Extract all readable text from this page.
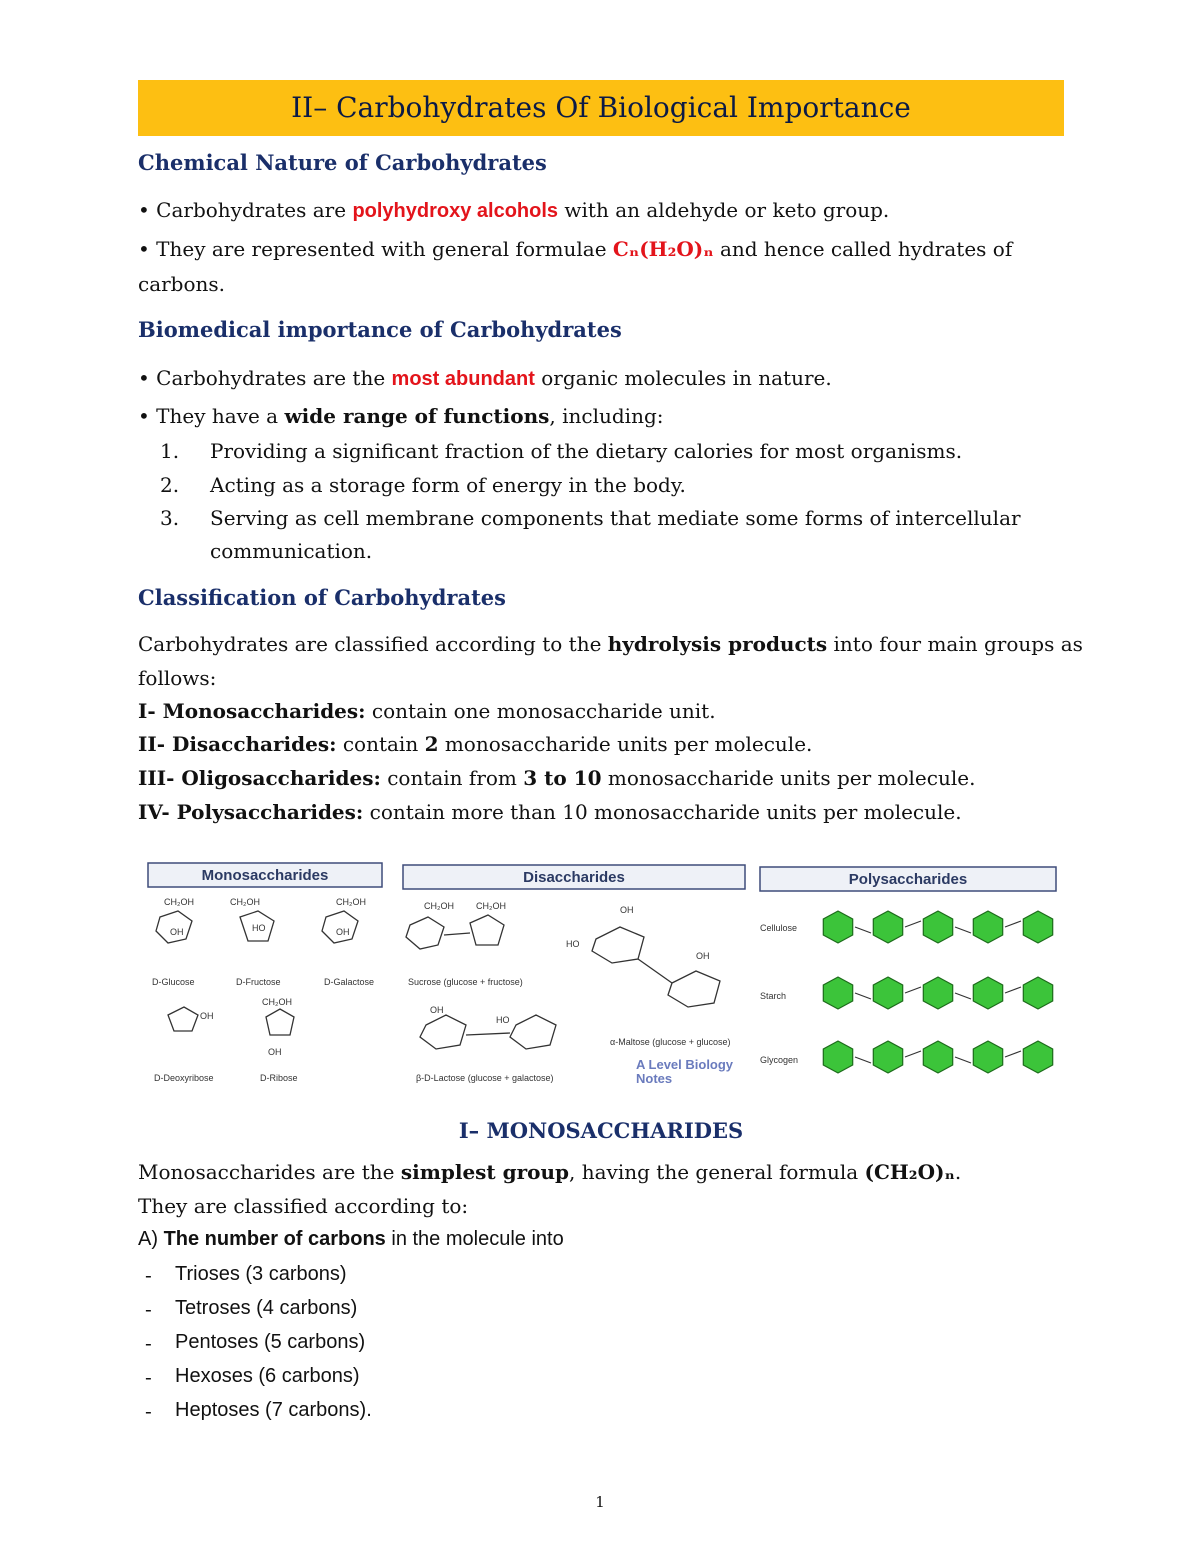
II– Carbohydrates Of Biological Importance
Chemical Nature of Carbohydrates
• Carbohydrates are polyhydroxy alcohols with an aldehyde or keto group.
• They are represented with general formulae Cₙ(H₂O)ₙ and hence called hydrates of
carbons.
Biomedical importance of Carbohydrates
• Carbohydrates are the most abundant organic molecules in nature.
• They have a wide range of functions, including:
1.	Providing a significant fraction of the dietary calories for most organisms.
2.	Acting as a storage form of energy in the body.
3.	Serving as cell membrane components that mediate some forms of intercellular
communication.
Classification of Carbohydrates
Carbohydrates are classified according to the hydrolysis products into four main groups as
follows:
I- Monosaccharides: contain one monosaccharide unit.
II- Disaccharides: contain 2 monosaccharide units per molecule.
III- Oligosaccharides: contain from 3 to 10 monosaccharide units per molecule.
IV- Polysaccharides: contain more than 10 monosaccharide units per molecule.
Monosaccharides	Disaccharides	Polysaccharides
CH₂OH
OH
D-Glucose
CH₂OH
HO
D-Fructose
CH₂OH
OH
D-Galactose
OH
D-Deoxyribose
CH₂OH
OH
D-Ribose
CH₂OH CH₂OH
Sucrose (glucose + fructose)
OH
HO
β-D-Lactose (glucose + galactose)
OH
HO
OH
α-Maltose (glucose + glucose)
A Level Biology
Notes
Cellulose
Starch
Glycogen
I– MONOSACCHARIDES
Monosaccharides are the simplest group, having the general formula (CH₂O)ₙ.
They are classified according to:
A) The number of carbons in the molecule into
- Trioses (3 carbons)
- Tetroses (4 carbons)
- Pentoses (5 carbons)
- Hexoses (6 carbons)
- Heptoses (7 carbons).
1
